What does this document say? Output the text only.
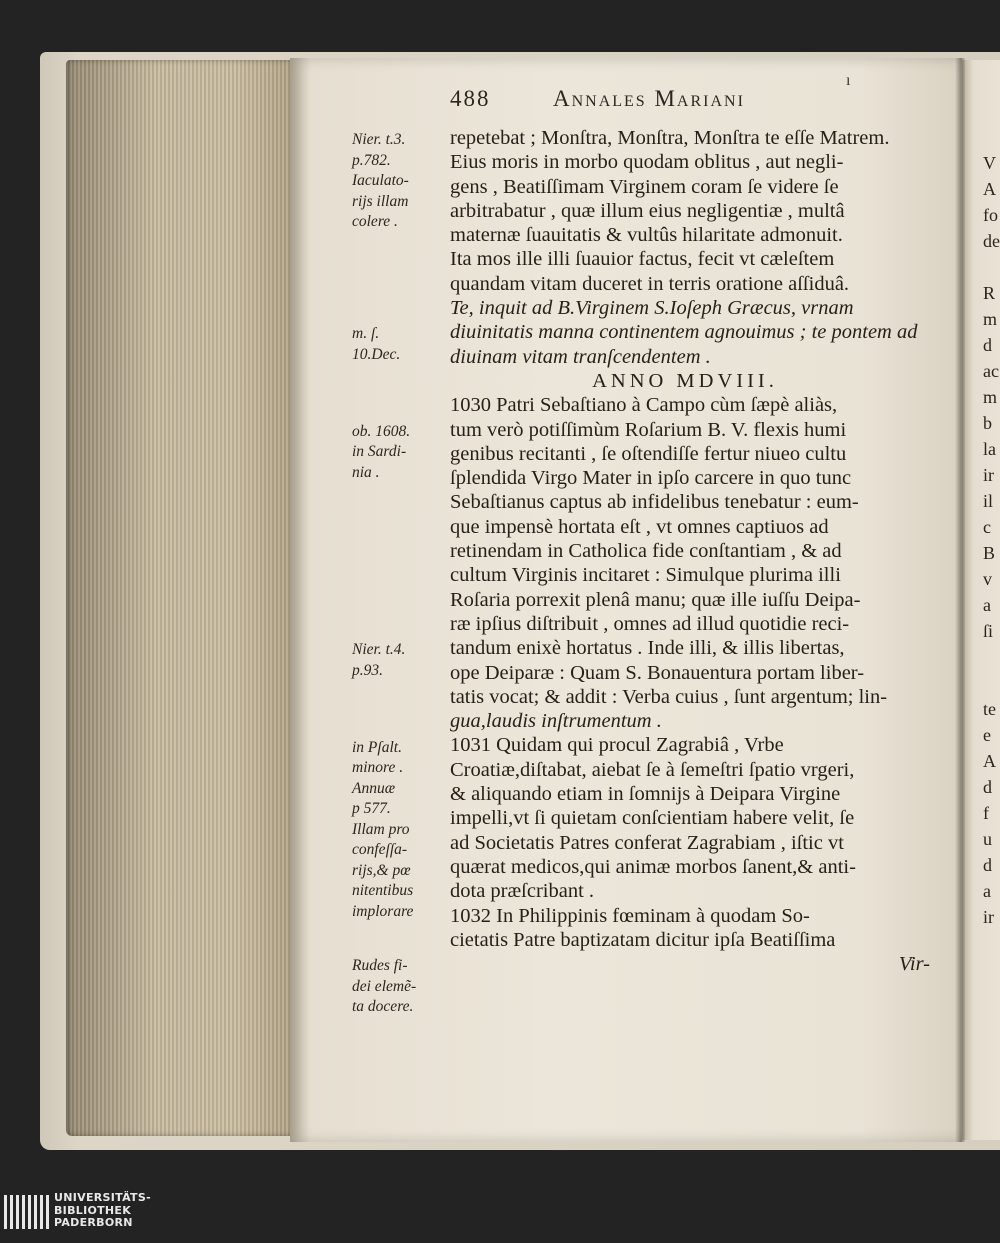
ı
488	Annales Mariani
repetebat ; Monſtra, Monſtra, Monſtra te eſſe Matrem.
Eius moris in morbo quodam oblitus , aut negli-
gens , Beatiſſimam Virginem coram ſe videre ſe
arbitrabatur , quæ illum eius negligentiæ , multâ
maternæ ſuauitatis & vultûs hilaritate admonuit.
Ita mos ille illi ſuauior factus, fecit vt cæleſtem
quandam vitam duceret in terris oratione aſſiduâ.
Te, inquit ad B.Virginem S.Ioſeph Græcus, vrnam
diuinitatis manna continentem agnouimus ; te pontem ad
diuinam vitam tranſcendentem .
ANNO MDVIII.
1030 Patri Sebaſtiano à Campo cùm ſæpè aliàs,
tum verò potiſſimùm Roſarium B. V. flexis humi
genibus recitanti , ſe oſtendiſſe fertur niueo cultu
ſplendida Virgo Mater in ipſo carcere in quo tunc
Sebaſtianus captus ab infidelibus tenebatur : eum-
que impensè hortata eſt , vt omnes captiuos ad
retinendam in Catholica fide conſtantiam , & ad
cultum Virginis incitaret : Simulque plurima illi
Roſaria porrexit plenâ manu; quæ ille iuſſu Deipa-
ræ ipſius diſtribuit , omnes ad illud quotidie reci-
tandum enixè hortatus . Inde illi, & illis libertas,
ope Deiparæ : Quam S. Bonauentura portam liber-
tatis vocat; & addit : Verba cuius , ſunt argentum; lin-
gua,laudis inſtrumentum .
1031 Quidam qui procul Zagrabiâ , Vrbe
Croatiæ,diſtabat, aiebat ſe à ſemeſtri ſpatio vrgeri,
& aliquando etiam in ſomnijs à Deipara Virgine
impelli,vt ſi quietam conſcientiam habere velit, ſe
ad Societatis Patres conferat Zagrabiam , iſtic vt
quærat medicos,qui animæ morbos ſanent,& anti-
dota præſcribant .
1032 In Philippinis fœminam à quodam So-
cietatis Patre baptizatam dicitur ipſa Beatiſſima
Vir-
Nier. t.3.
p.782.
Iaculato-
rijs illam
colere .
m. ſ.
10.Dec.
ob. 1608.
in Sardi-
nia .
Nier. t.4.
p.93.
in Pſalt.
minore .
Annuæ
p 577.
Illam pro
confeſſa-
rijs,& pœ
nitentibus
implorare
Rudes fi-
dei elemẽ-
ta docere.
V
A
fo
de
R
m
d
ac
m
b
la
ir
il
c
B
v
a
ſi
te
e
A
d
f
u
d
a
ir
UNIVERSITÄTS-
BIBLIOTHEK
PADERBORN
